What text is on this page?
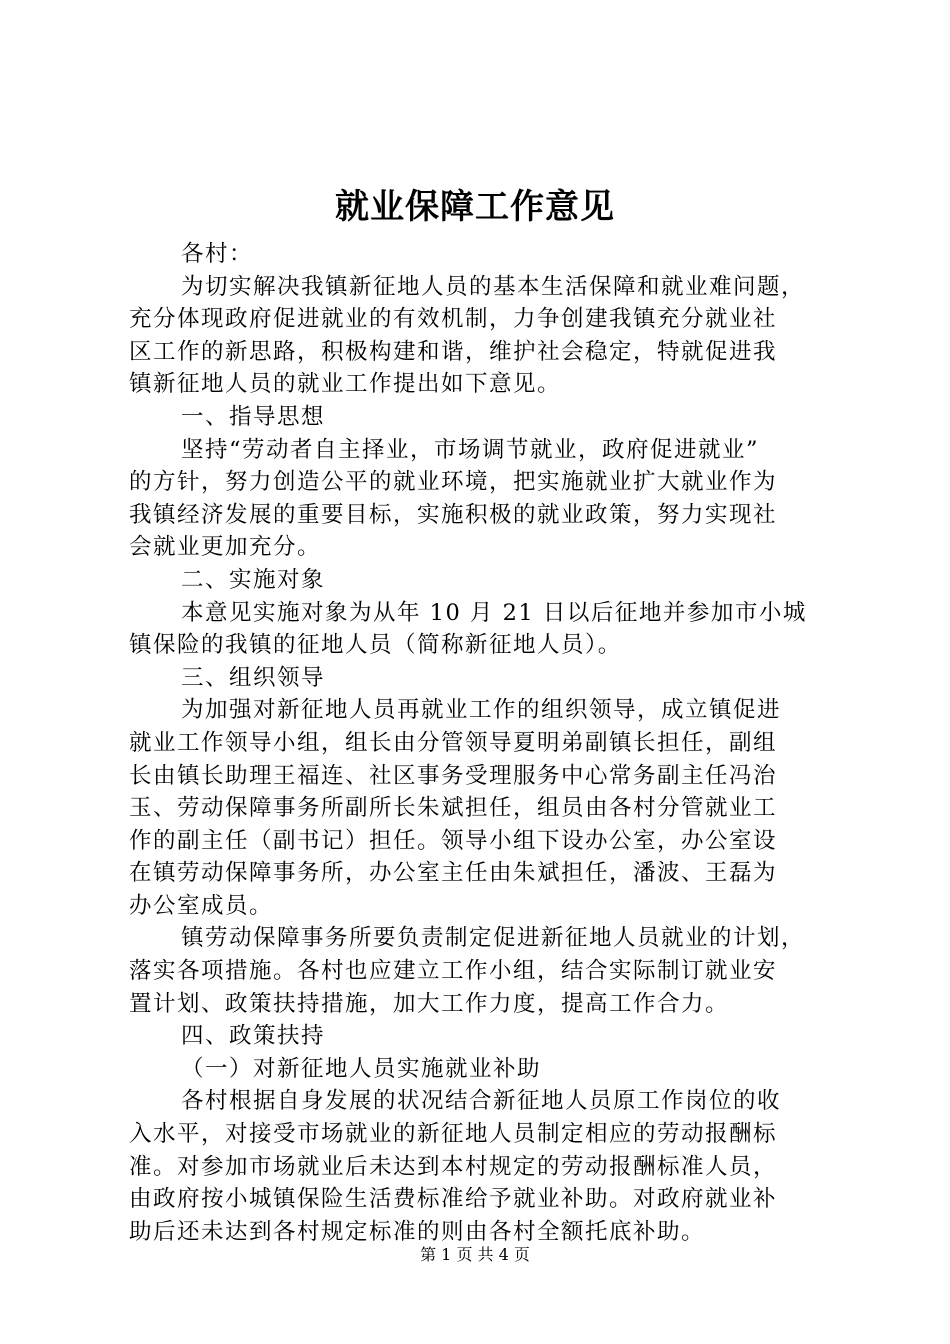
就业保障工作意见
各村：
为切实解决我镇新征地人员的基本生活保障和就业难问题，
充分体现政府促进就业的有效机制，力争创建我镇充分就业社
区工作的新思路，积极构建和谐，维护社会稳定，特就促进我
镇新征地人员的就业工作提出如下意见。
一、指导思想
坚持“劳动者自主择业，市场调节就业，政府促进就业”
的方针，努力创造公平的就业环境，把实施就业扩大就业作为
我镇经济发展的重要目标，实施积极的就业政策，努力实现社
会就业更加充分。
二、实施对象
本意见实施对象为从年 10 月 21 日以后征地并参加市小城
镇保险的我镇的征地人员（简称新征地人员）。
三、组织领导
为加强对新征地人员再就业工作的组织领导，成立镇促进
就业工作领导小组，组长由分管领导夏明弟副镇长担任，副组
长由镇长助理王福连、社区事务受理服务中心常务副主任冯治
玉、劳动保障事务所副所长朱斌担任，组员由各村分管就业工
作的副主任（副书记）担任。领导小组下设办公室，办公室设
在镇劳动保障事务所，办公室主任由朱斌担任，潘波、王磊为
办公室成员。
镇劳动保障事务所要负责制定促进新征地人员就业的计划，
落实各项措施。各村也应建立工作小组，结合实际制订就业安
置计划、政策扶持措施，加大工作力度，提高工作合力。
四、政策扶持
（一）对新征地人员实施就业补助
各村根据自身发展的状况结合新征地人员原工作岗位的收
入水平，对接受市场就业的新征地人员制定相应的劳动报酬标
准。对参加市场就业后未达到本村规定的劳动报酬标准人员，
由政府按小城镇保险生活费标准给予就业补助。对政府就业补
助后还未达到各村规定标准的则由各村全额托底补助。
第 1 页 共 4 页
